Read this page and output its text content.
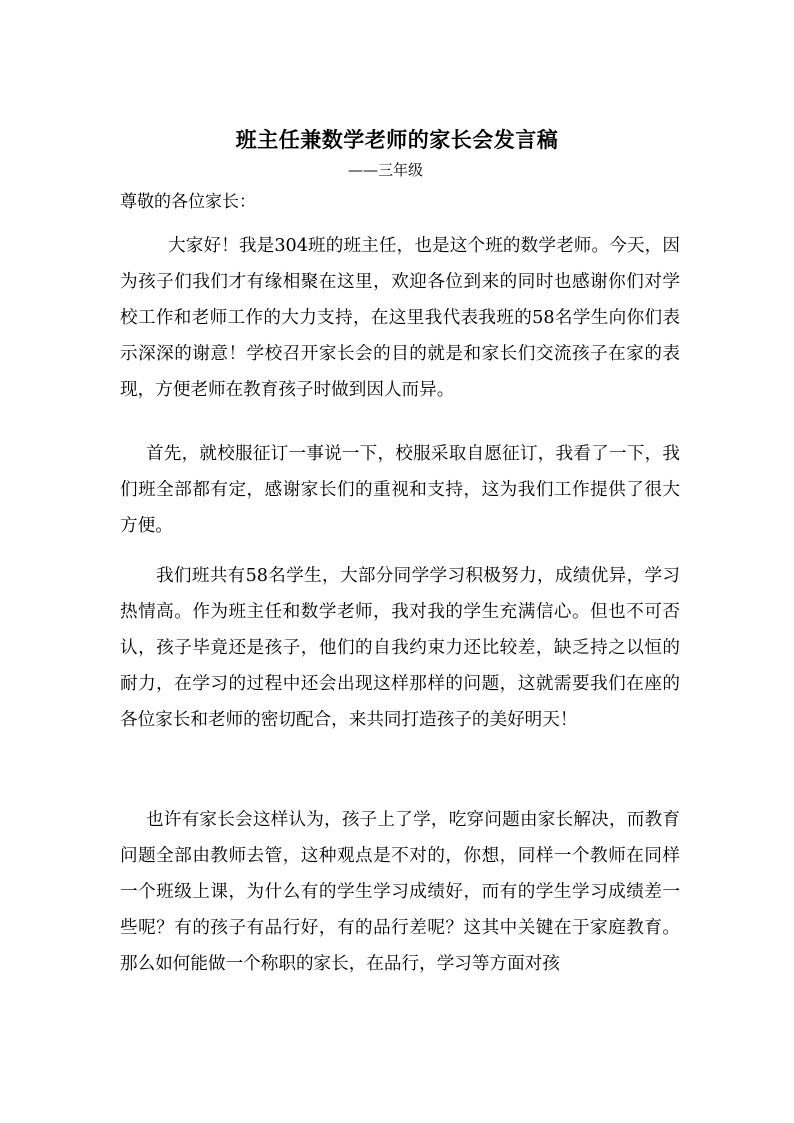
班主任兼数学老师的家长会发言稿
——三年级
尊敬的各位家长：

大家好！我是304班的班主任，也是这个班的数学老师。今天，因为孩子们我们才有缘相聚在这里，欢迎各位到来的同时也感谢你们对学校工作和老师工作的大力支持，在这里我代表我班的58名学生向你们表示深深的谢意！学校召开家长会的目的就是和家长们交流孩子在家的表现，方便老师在教育孩子时做到因人而异。

首先，就校服征订一事说一下，校服采取自愿征订，我看了一下，我们班全部都有定，感谢家长们的重视和支持，这为我们工作提供了很大方便。

我们班共有58名学生，大部分同学学习积极努力，成绩优异，学习热情高。作为班主任和数学老师，我对我的学生充满信心。但也不可否认，孩子毕竟还是孩子，他们的自我约束力还比较差，缺乏持之以恒的耐力，在学习的过程中还会出现这样那样的问题，这就需要我们在座的各位家长和老师的密切配合，来共同打造孩子的美好明天！

也许有家长会这样认为，孩子上了学，吃穿问题由家长解决，而教育问题全部由教师去管，这种观点是不对的，你想，同样一个教师在同样一个班级上课，为什么有的学生学习成绩好，而有的学生学习成绩差一些呢？有的孩子有品行好，有的品行差呢？这其中关键在于家庭教育。那么如何能做一个称职的家长，在品行，学习等方面对孩
